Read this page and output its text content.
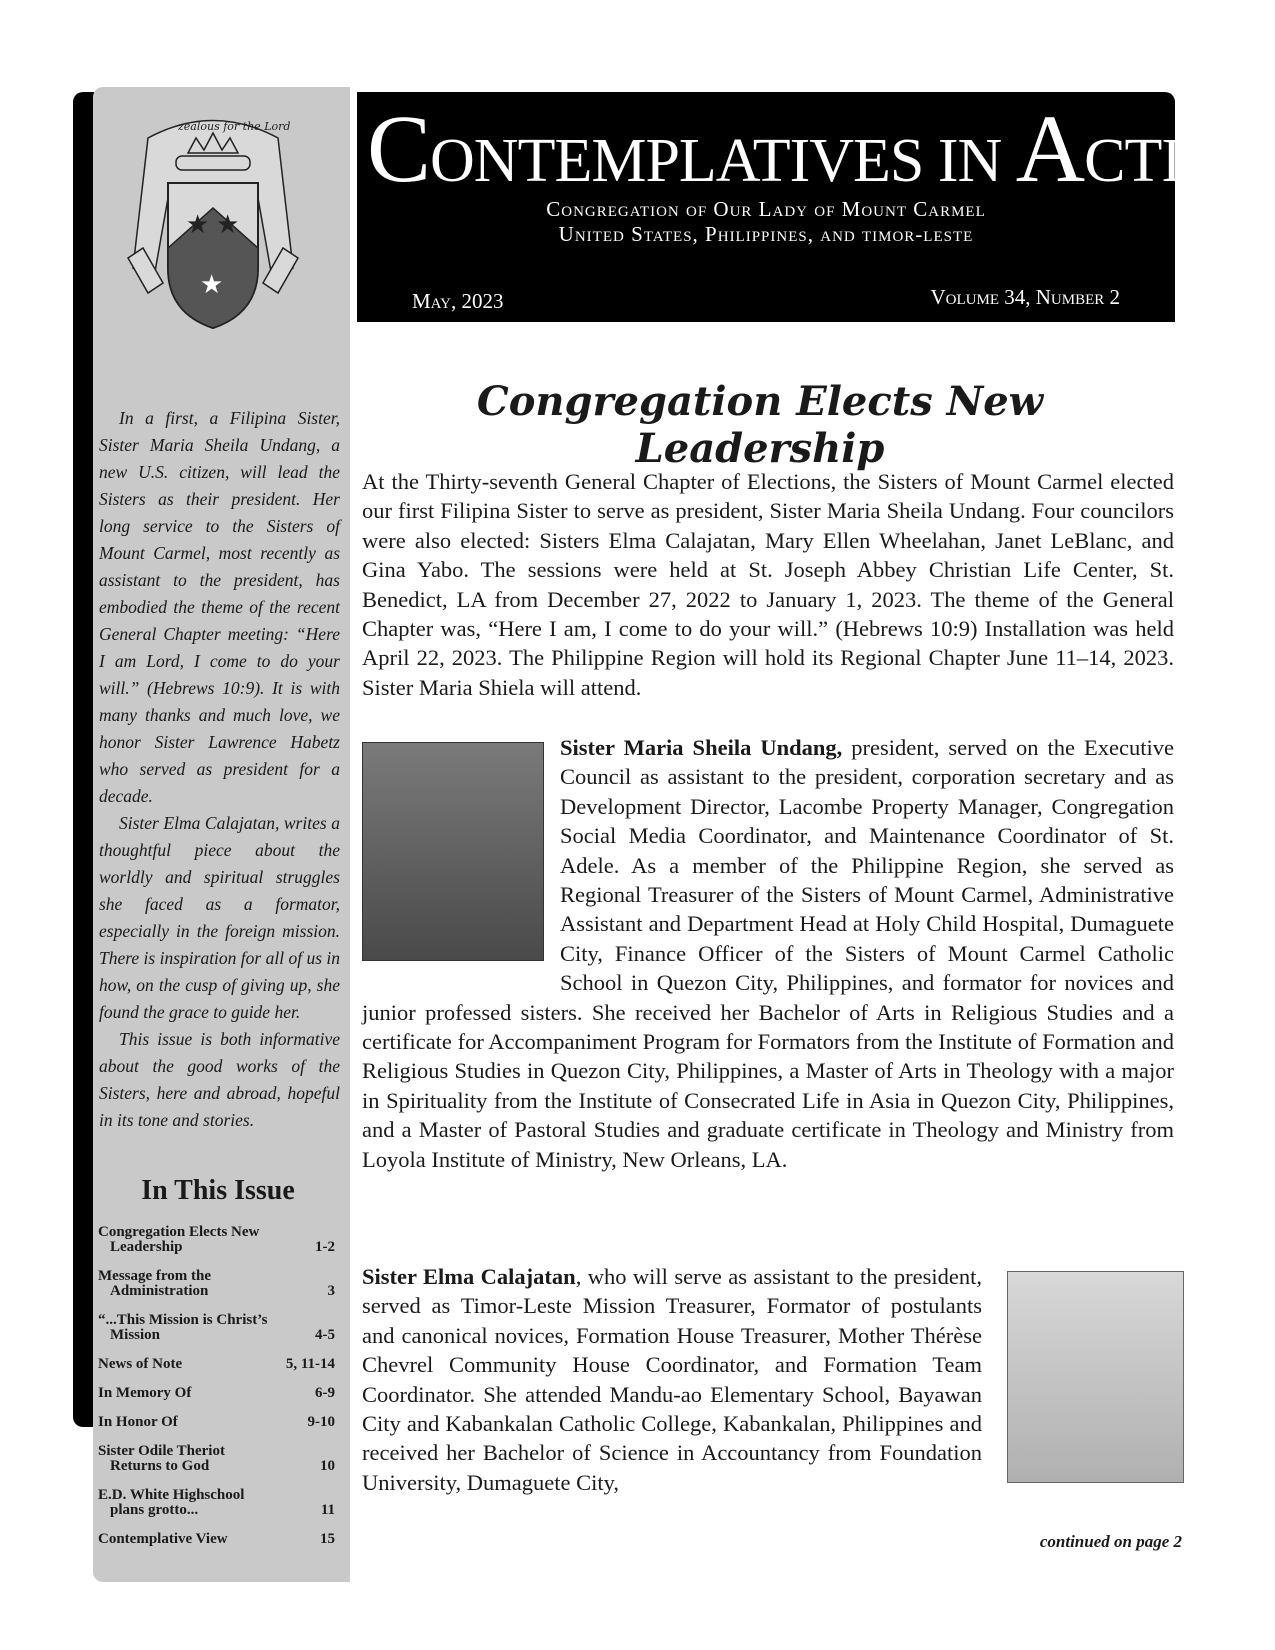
★ ★
★
zealous for the Lord

In a first, a Filipina Sister, Sister Maria Sheila Undang, a new U.S. citizen, will lead the Sisters as their president. Her long service to the Sisters of Mount Carmel, most recently as assistant to the president, has embodied the theme of the recent General Chapter meeting: “Here I am Lord, I come to do your will.” (Hebrews 10:9). It is with many thanks and much love, we honor Sister Lawrence Habetz who served as president for a decade.

Sister Elma Calajatan, writes a thoughtful piece about the worldly and spiritual struggles she faced as a formator, especially in the foreign mission. There is inspiration for all of us in how, on the cusp of giving up, she found the grace to guide her.

This issue is both informative about the good works of the Sisters, here and abroad, hopeful in its tone and stories.

In This Issue
Congregation Elects New
Leadership	1-2
Message from the
Administration	3
“...This Mission is Christ’s
Mission	4-5
News of Note	5, 11-14
In Memory Of	6-9
In Honor Of	9-10
Sister Odile Theriot
Returns to God	10
E.D. White Highschool
plans grotto...	11
Contemplative View	15
CONTEMPLATIVES IN ACTION
Congregation of Our Lady of Mount Carmel
United States, Philippines, and timor-leste
May, 2023	Volume 34, Number 2
Congregation Elects New Leadership
At the Thirty-seventh General Chapter of Elections, the Sisters of Mount Carmel elected our first Filipina Sister to serve as president, Sister Maria Sheila Undang. Four councilors were also elected: Sisters Elma Calajatan, Mary Ellen Wheelahan, Janet LeBlanc, and Gina Yabo. The sessions were held at St. Joseph Abbey Christian Life Center, St. Benedict, LA from December 27, 2022 to January 1, 2023. The theme of the General Chapter was, “Here I am, I come to do your will.” (Hebrews 10:9) Installation was held April 22, 2023. The Philippine Region will hold its Regional Chapter June 11–14, 2023. Sister Maria Shiela will attend.
Sister Maria Sheila Undang, president, served on the Executive Council as assistant to the president, corporation secretary and as Development Director, Lacombe Property Manager, Congregation Social Media Coordinator, and Maintenance Coordinator of St. Adele. As a member of the Philippine Region, she served as Regional Treasurer of the Sisters of Mount Carmel, Administrative Assistant and Department Head at Holy Child Hospital, Dumaguete City, Finance Officer of the Sisters of Mount Carmel Catholic School in Quezon City, Philippines, and formator for novices and junior professed sisters. She received her Bachelor of Arts in Religious Studies and a certificate for Accompaniment Program for Formators from the Institute of Formation and Religious Studies in Quezon City, Philippines, a Master of Arts in Theology with a major in Spirituality from the Institute of Consecrated Life in Asia in Quezon City, Philippines, and a Master of Pastoral Studies and graduate certificate in Theology and Ministry from Loyola Institute of Ministry, New Orleans, LA.
Sister Elma Calajatan, who will serve as assistant to the president, served as Timor-Leste Mission Treasurer, Formator of postulants and canonical novices, Formation House Treasurer, Mother Thérèse Chevrel Community House Coordinator, and Formation Team Coordinator. She attended Mandu-ao Elementary School, Bayawan City and Kabankalan Catholic College, Kabankalan, Philippines and received her Bachelor of Science in Accountancy from Foundation University, Dumaguete City,
continued on page 2
